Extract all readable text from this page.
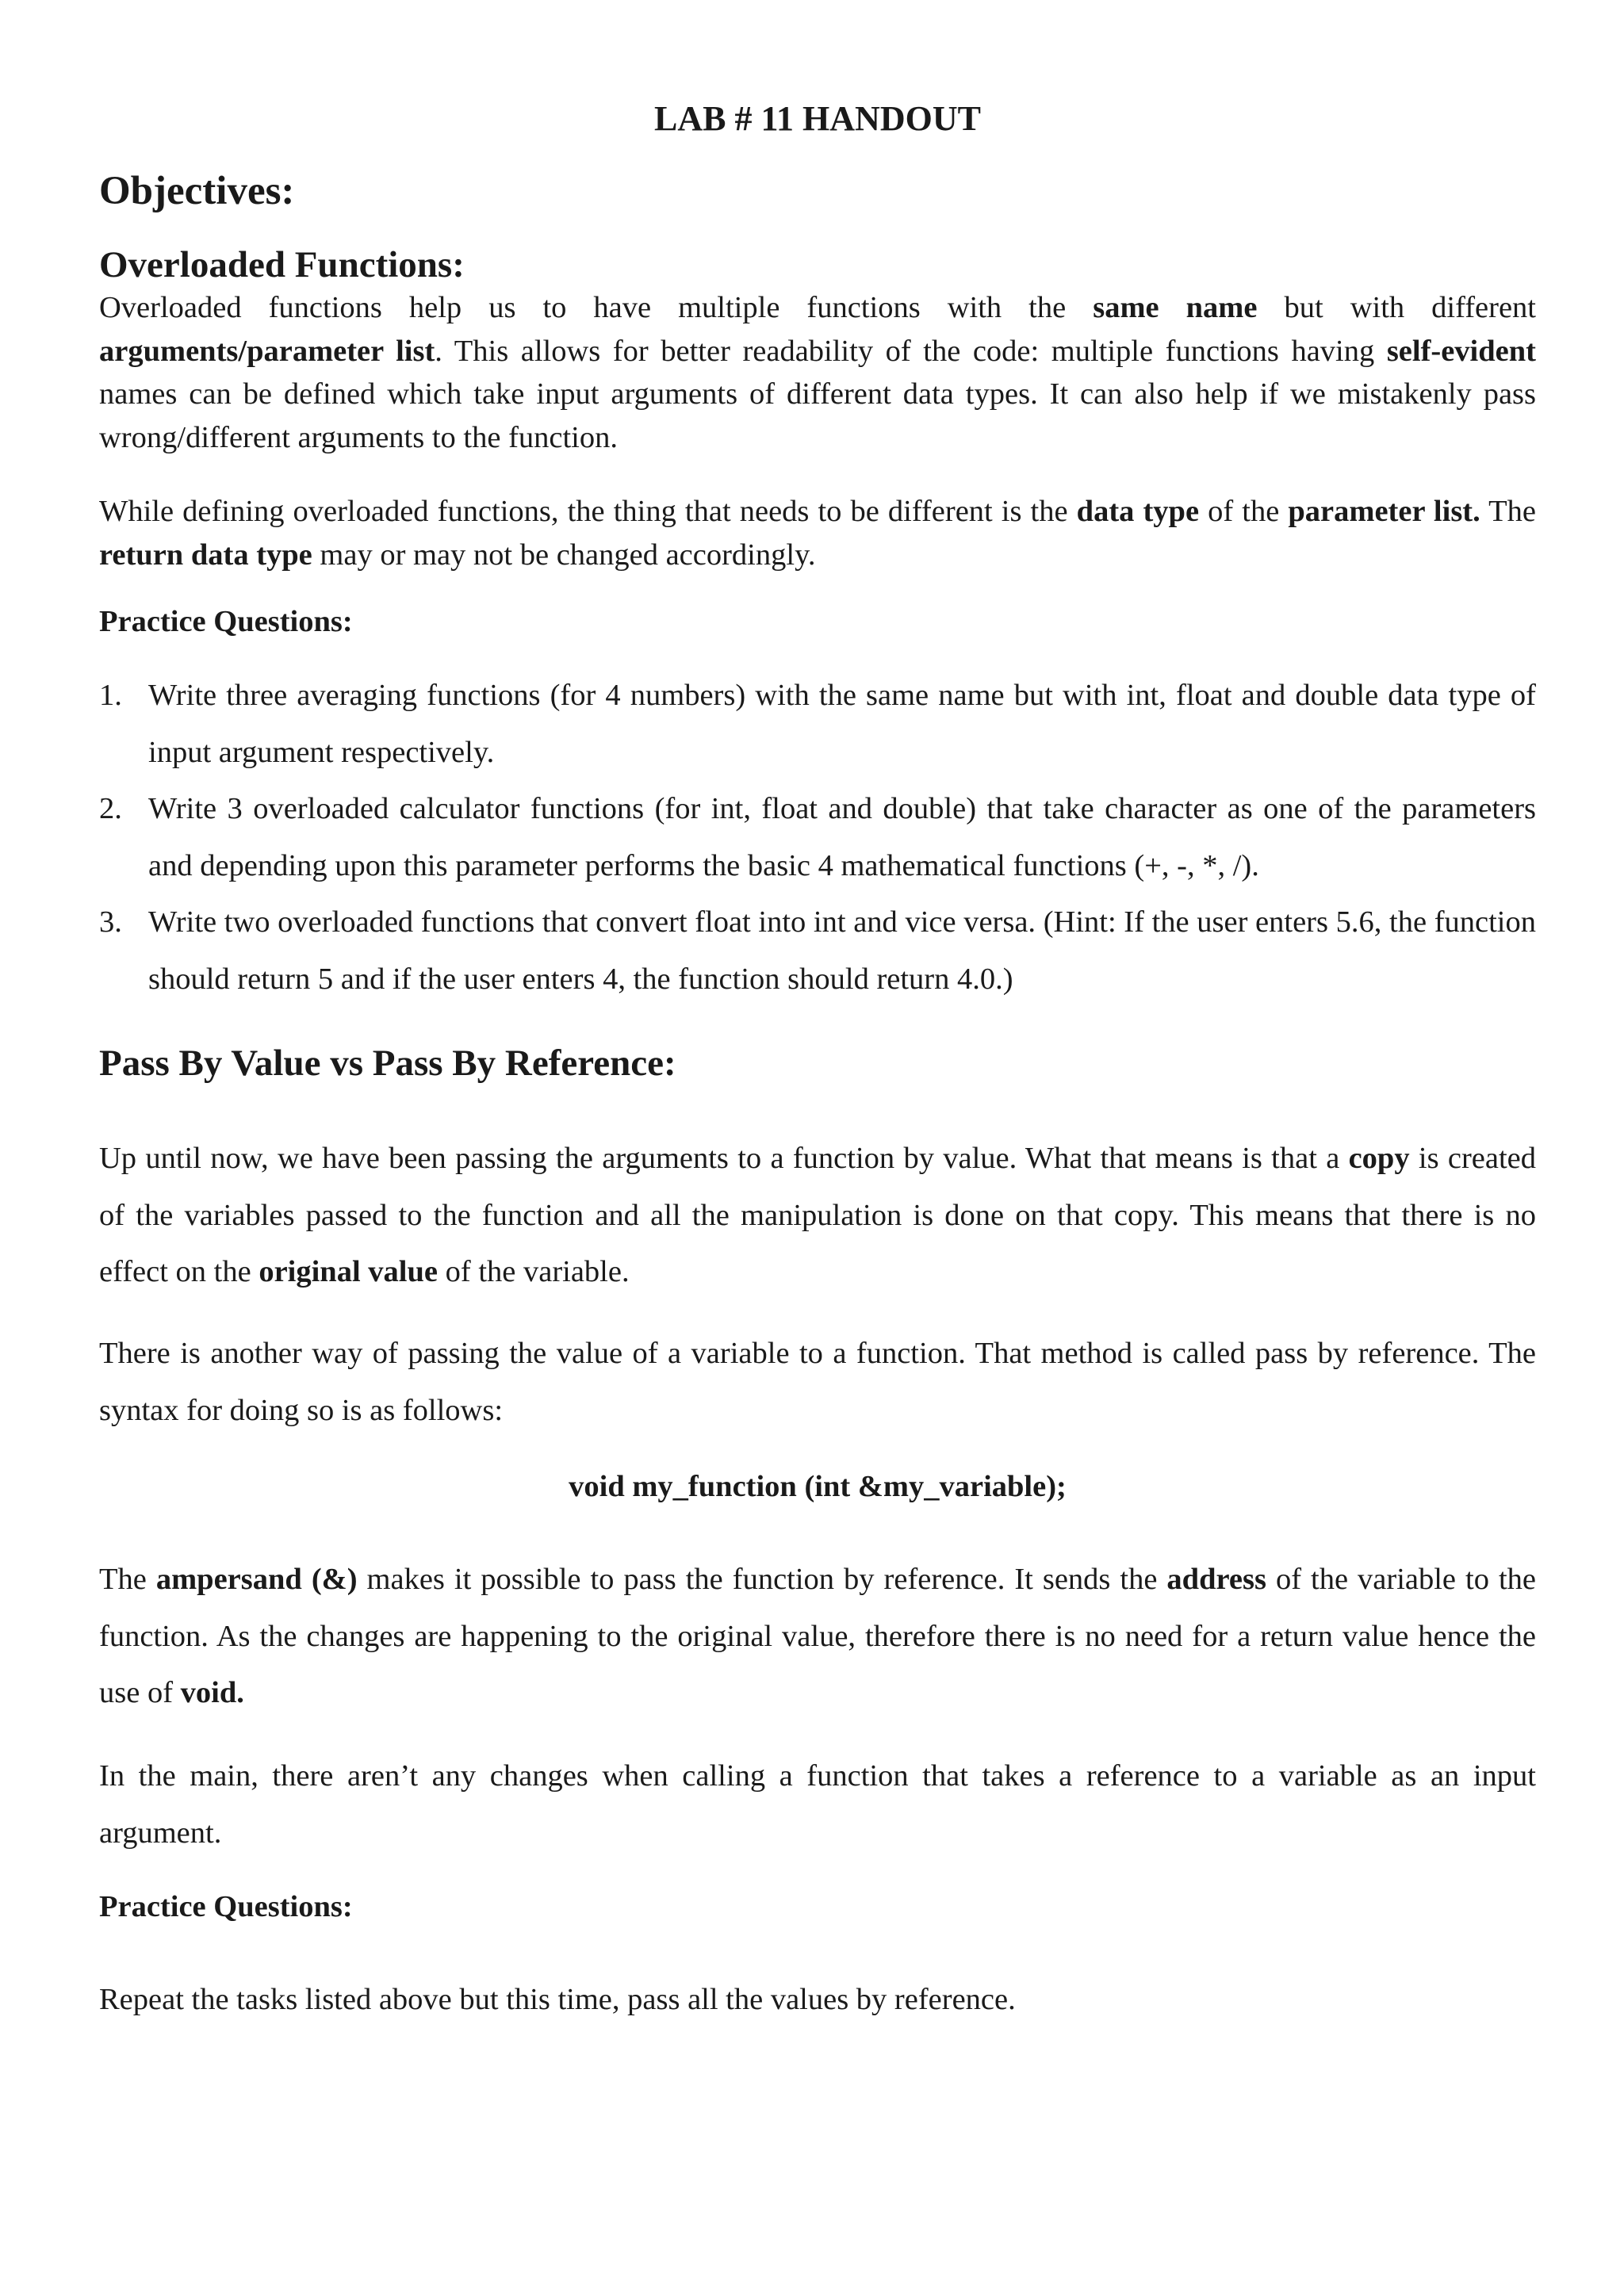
LAB # 11 HANDOUT
Objectives:
Overloaded Functions:

Overloaded functions help us to have multiple functions with the same name but with different arguments/parameter list. This allows for better readability of the code: multiple functions having self-evident names can be defined which take input arguments of different data types. It can also help if we mistakenly pass wrong/different arguments to the function.

While defining overloaded functions, the thing that needs to be different is the data type of the parameter list. The return data type may or may not be changed accordingly.

Practice Questions:

1. Write three averaging functions (for 4 numbers) with the same name but with int, float and double data type of input argument respectively.
2. Write 3 overloaded calculator functions (for int, float and double) that take character as one of the parameters and depending upon this parameter performs the basic 4 mathematical functions (+, -, *, /).
3. Write two overloaded functions that convert float into int and vice versa. (Hint: If the user enters 5.6, the function should return 5 and if the user enters 4, the function should return 4.0.)
Pass By Value vs Pass By Reference:

Up until now, we have been passing the arguments to a function by value. What that means is that a copy is created of the variables passed to the function and all the manipulation is done on that copy. This means that there is no effect on the original value of the variable.

There is another way of passing the value of a variable to a function. That method is called pass by reference. The syntax for doing so is as follows:

void my_function (int &my_variable);

The ampersand (&) makes it possible to pass the function by reference. It sends the address of the variable to the function. As the changes are happening to the original value, therefore there is no need for a return value hence the use of void.

In the main, there aren’t any changes when calling a function that takes a reference to a variable as an input argument.

Practice Questions:

Repeat the tasks listed above but this time, pass all the values by reference.
